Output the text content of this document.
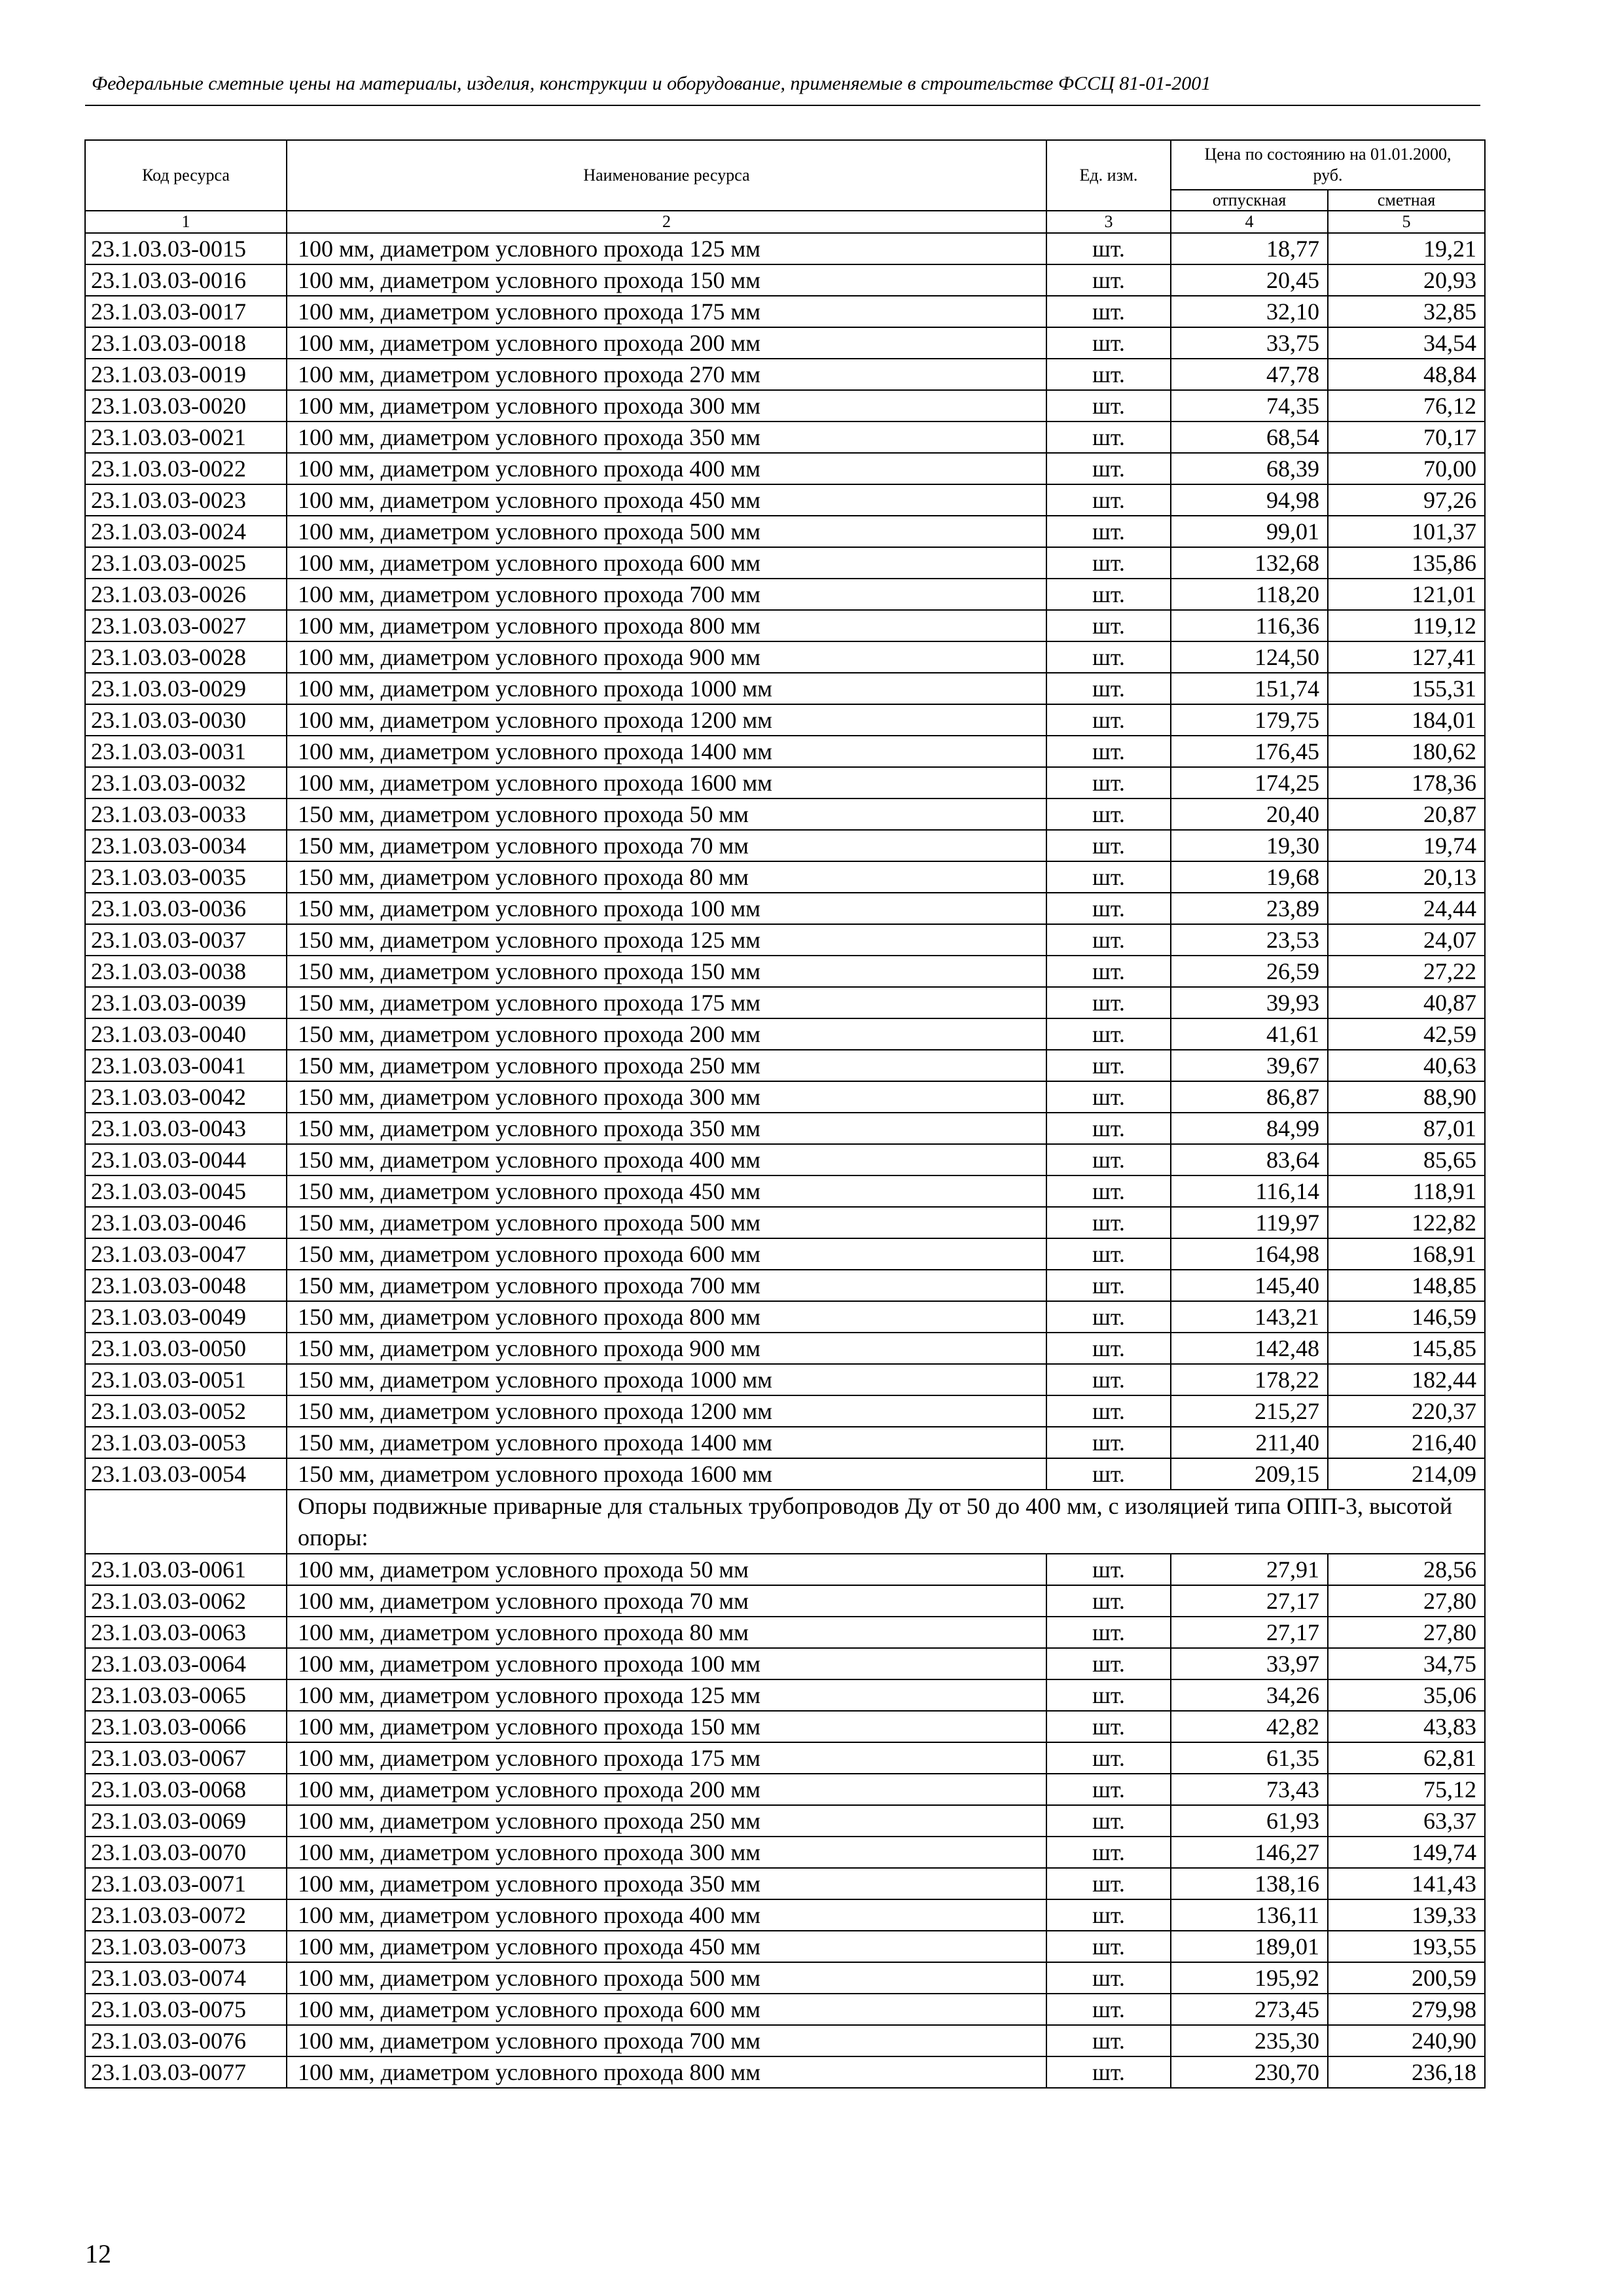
Федеральные сметные цены на материалы, изделия, конструкции и оборудование, применяемые в строительстве ФССЦ 81-01-2001
Код ресурса	Наименование ресурса	Ед. изм.	Цена по состоянию на 01.01.2000, руб.	
			отпускная	сметная
1	2	3	4	5
23.1.03.03-0015	100 мм, диаметром условного прохода 125 мм	шт.	18,77	19,21
23.1.03.03-0016	100 мм, диаметром условного прохода 150 мм	шт.	20,45	20,93
23.1.03.03-0017	100 мм, диаметром условного прохода 175 мм	шт.	32,10	32,85
23.1.03.03-0018	100 мм, диаметром условного прохода 200 мм	шт.	33,75	34,54
23.1.03.03-0019	100 мм, диаметром условного прохода 270 мм	шт.	47,78	48,84
23.1.03.03-0020	100 мм, диаметром условного прохода 300 мм	шт.	74,35	76,12
23.1.03.03-0021	100 мм, диаметром условного прохода 350 мм	шт.	68,54	70,17
23.1.03.03-0022	100 мм, диаметром условного прохода 400 мм	шт.	68,39	70,00
23.1.03.03-0023	100 мм, диаметром условного прохода 450 мм	шт.	94,98	97,26
23.1.03.03-0024	100 мм, диаметром условного прохода 500 мм	шт.	99,01	101,37
23.1.03.03-0025	100 мм, диаметром условного прохода 600 мм	шт.	132,68	135,86
23.1.03.03-0026	100 мм, диаметром условного прохода 700 мм	шт.	118,20	121,01
23.1.03.03-0027	100 мм, диаметром условного прохода 800 мм	шт.	116,36	119,12
23.1.03.03-0028	100 мм, диаметром условного прохода 900 мм	шт.	124,50	127,41
23.1.03.03-0029	100 мм, диаметром условного прохода 1000 мм	шт.	151,74	155,31
23.1.03.03-0030	100 мм, диаметром условного прохода 1200 мм	шт.	179,75	184,01
23.1.03.03-0031	100 мм, диаметром условного прохода 1400 мм	шт.	176,45	180,62
23.1.03.03-0032	100 мм, диаметром условного прохода 1600 мм	шт.	174,25	178,36
23.1.03.03-0033	150 мм, диаметром условного прохода 50 мм	шт.	20,40	20,87
23.1.03.03-0034	150 мм, диаметром условного прохода 70 мм	шт.	19,30	19,74
23.1.03.03-0035	150 мм, диаметром условного прохода 80 мм	шт.	19,68	20,13
23.1.03.03-0036	150 мм, диаметром условного прохода 100 мм	шт.	23,89	24,44
23.1.03.03-0037	150 мм, диаметром условного прохода 125 мм	шт.	23,53	24,07
23.1.03.03-0038	150 мм, диаметром условного прохода 150 мм	шт.	26,59	27,22
23.1.03.03-0039	150 мм, диаметром условного прохода 175 мм	шт.	39,93	40,87
23.1.03.03-0040	150 мм, диаметром условного прохода 200 мм	шт.	41,61	42,59
23.1.03.03-0041	150 мм, диаметром условного прохода 250 мм	шт.	39,67	40,63
23.1.03.03-0042	150 мм, диаметром условного прохода 300 мм	шт.	86,87	88,90
23.1.03.03-0043	150 мм, диаметром условного прохода 350 мм	шт.	84,99	87,01
23.1.03.03-0044	150 мм, диаметром условного прохода 400 мм	шт.	83,64	85,65
23.1.03.03-0045	150 мм, диаметром условного прохода 450 мм	шт.	116,14	118,91
23.1.03.03-0046	150 мм, диаметром условного прохода 500 мм	шт.	119,97	122,82
23.1.03.03-0047	150 мм, диаметром условного прохода 600 мм	шт.	164,98	168,91
23.1.03.03-0048	150 мм, диаметром условного прохода 700 мм	шт.	145,40	148,85
23.1.03.03-0049	150 мм, диаметром условного прохода 800 мм	шт.	143,21	146,59
23.1.03.03-0050	150 мм, диаметром условного прохода 900 мм	шт.	142,48	145,85
23.1.03.03-0051	150 мм, диаметром условного прохода 1000 мм	шт.	178,22	182,44
23.1.03.03-0052	150 мм, диаметром условного прохода 1200 мм	шт.	215,27	220,37
23.1.03.03-0053	150 мм, диаметром условного прохода 1400 мм	шт.	211,40	216,40
23.1.03.03-0054	150 мм, диаметром условного прохода 1600 мм	шт.	209,15	214,09
	Опоры подвижные приварные для стальных трубопроводов Ду от 50 до 400 мм, с изоляцией типа ОПП-3, высотой опоры:			
23.1.03.03-0061	100 мм, диаметром условного прохода 50 мм	шт.	27,91	28,56
23.1.03.03-0062	100 мм, диаметром условного прохода 70 мм	шт.	27,17	27,80
23.1.03.03-0063	100 мм, диаметром условного прохода 80 мм	шт.	27,17	27,80
23.1.03.03-0064	100 мм, диаметром условного прохода 100 мм	шт.	33,97	34,75
23.1.03.03-0065	100 мм, диаметром условного прохода 125 мм	шт.	34,26	35,06
23.1.03.03-0066	100 мм, диаметром условного прохода 150 мм	шт.	42,82	43,83
23.1.03.03-0067	100 мм, диаметром условного прохода 175 мм	шт.	61,35	62,81
23.1.03.03-0068	100 мм, диаметром условного прохода 200 мм	шт.	73,43	75,12
23.1.03.03-0069	100 мм, диаметром условного прохода 250 мм	шт.	61,93	63,37
23.1.03.03-0070	100 мм, диаметром условного прохода 300 мм	шт.	146,27	149,74
23.1.03.03-0071	100 мм, диаметром условного прохода 350 мм	шт.	138,16	141,43
23.1.03.03-0072	100 мм, диаметром условного прохода 400 мм	шт.	136,11	139,33
23.1.03.03-0073	100 мм, диаметром условного прохода 450 мм	шт.	189,01	193,55
23.1.03.03-0074	100 мм, диаметром условного прохода 500 мм	шт.	195,92	200,59
23.1.03.03-0075	100 мм, диаметром условного прохода 600 мм	шт.	273,45	279,98
23.1.03.03-0076	100 мм, диаметром условного прохода 700 мм	шт.	235,30	240,90
23.1.03.03-0077	100 мм, диаметром условного прохода 800 мм	шт.	230,70	236,18
12
